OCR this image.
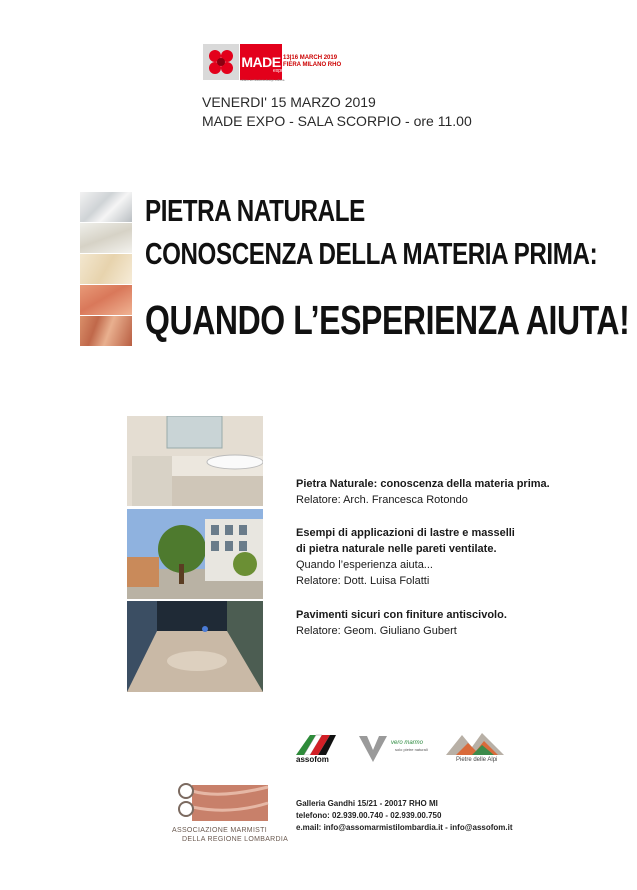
MADE 13|16 MARCH 2019
FIERA MILANO RHO
milano architettura design edilizia
expo
VENERDI' 15 MARZO 2019
MADE EXPO - SALA SCORPIO - ore 11.00
PIETRA NATURALE
CONOSCENZA DELLA MATERIA PRIMA:
QUANDO L’ESPERIENZA AIUTA!
Pietra Naturale: conoscenza della materia prima.
Relatore: Arch. Francesca Rotondo
Esempi di applicazioni di lastre e masselli
di pietra naturale nelle pareti ventilate.
Quando l’esperienza aiuta...
Relatore: Dott. Luisa Folatti
Pavimenti sicuri con finiture antiscivolo.
Relatore: Geom. Giuliano Gubert
assofom
vero marmo
solo pietre naturali
Pietre delle Alpi
ASSOCIAZIONE MARMISTI
DELLA REGIONE LOMBARDIA
Galleria Gandhi 15/21 - 20017 RHO MI
telefono: 02.939.00.740 - 02.939.00.750
e.mail: info@assomarmistilombardia.it - info@assofom.it
